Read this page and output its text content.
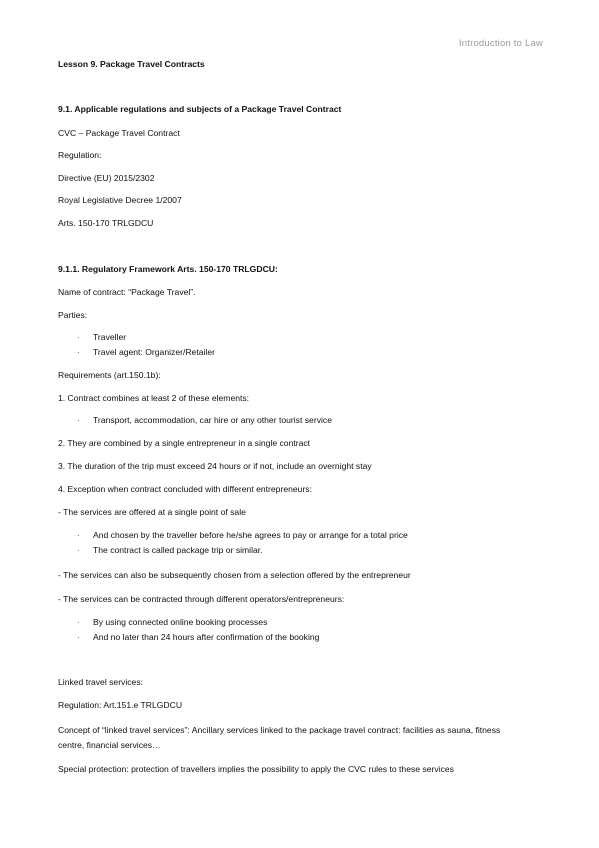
Introduction to Law
Lesson 9. Package Travel Contracts
9.1. Applicable regulations and subjects of a Package Travel Contract
CVC – Package Travel Contract
Regulation:
Directive (EU) 2015/2302
Royal Legislative Decree 1/2007
Arts. 150-170 TRLGDCU
9.1.1. Regulatory Framework Arts. 150-170 TRLGDCU:
Name of contract: “Package Travel”.
Parties:
· Traveller
· Travel agent: Organizer/Retailer
Requirements (art.150.1b):
1. Contract combines at least 2 of these elements:
· Transport, accommodation, car hire or any other tourist service
2. They are combined by a single entrepreneur in a single contract
3. The duration of the trip must exceed 24 hours or if not, include an overnight stay
4. Exception when contract concluded with different entrepreneurs:
- The services are offered at a single point of sale
· And chosen by the traveller before he/she agrees to pay or arrange for a total price
· The contract is called package trip or similar.
- The services can also be subsequently chosen from a selection offered by the entrepreneur
- The services can be contracted through different operators/entrepreneurs:
· By using connected online booking processes
· And no later than 24 hours after confirmation of the booking
Linked travel services:
Regulation: Art.151.e TRLGDCU
Concept of “linked travel services”: Ancillary services linked to the package travel contract: facilities as sauna, fitness centre, financial services…
Special protection: protection of travellers implies the possibility to apply the CVC rules to these services
